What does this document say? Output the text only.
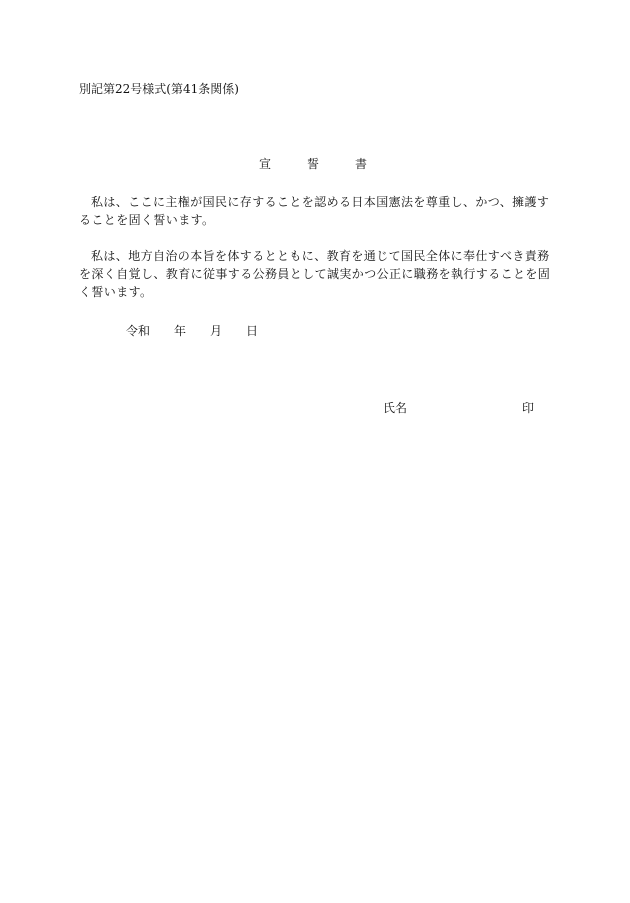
別記第22号様式(第41条関係)
宣	誓	書
私は、ここに主権が国民に存することを認める日本国憲法を尊重し、かつ、擁護することを固く誓います。
私は、地方自治の本旨を体するとともに、教育を通じて国民全体に奉仕すべき責務を深く自覚し、教育に従事する公務員として誠実かつ公正に職務を執行することを固く誓います。
令和 年 月 日
氏名	印
